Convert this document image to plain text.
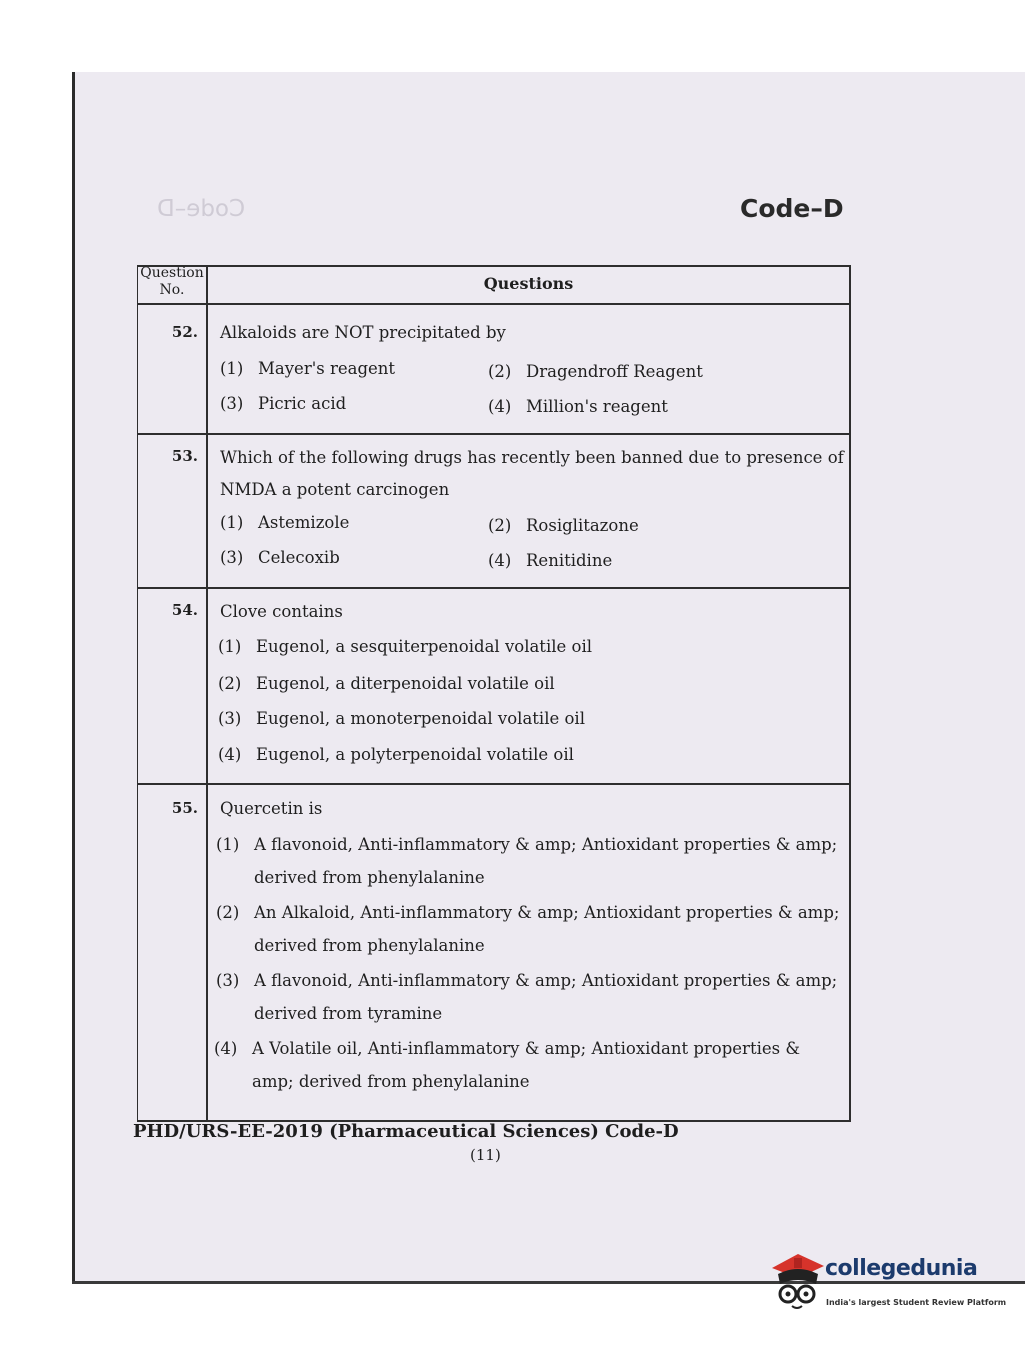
Code–D	Code–D
Question No.	Questions
52. Alkaloids are NOT precipitated by
(1) Mayer's reagent	(2) Dragendroff Reagent
(3) Picric acid	(4) Million's reagent
53. Which of the following drugs has recently been banned due to presence of NMDA a potent carcinogen
(1) Astemizole	(2) Rosiglitazone
(3) Celecoxib	(4) Renitidine
54. Clove contains
(1) Eugenol, a sesquiterpenoidal volatile oil
(2) Eugenol, a diterpenoidal volatile oil
(3) Eugenol, a monoterpenoidal volatile oil
(4) Eugenol, a polyterpenoidal volatile oil
55. Quercetin is
(1) A flavonoid, Anti-inflammatory & amp; Antioxidant properties & amp; derived from phenylalanine
(2) An Alkaloid, Anti-inflammatory & amp; Antioxidant properties & amp; derived from phenylalanine
(3) A flavonoid, Anti-inflammatory & amp; Antioxidant properties & amp; derived from tyramine
(4) A Volatile oil, Anti-inflammatory & amp; Antioxidant properties & amp; derived from phenylalanine
PHD/URS-EE-2019 (Pharmaceutical Sciences) Code-D
(11)
collegedunia
India's largest Student Review Platform
